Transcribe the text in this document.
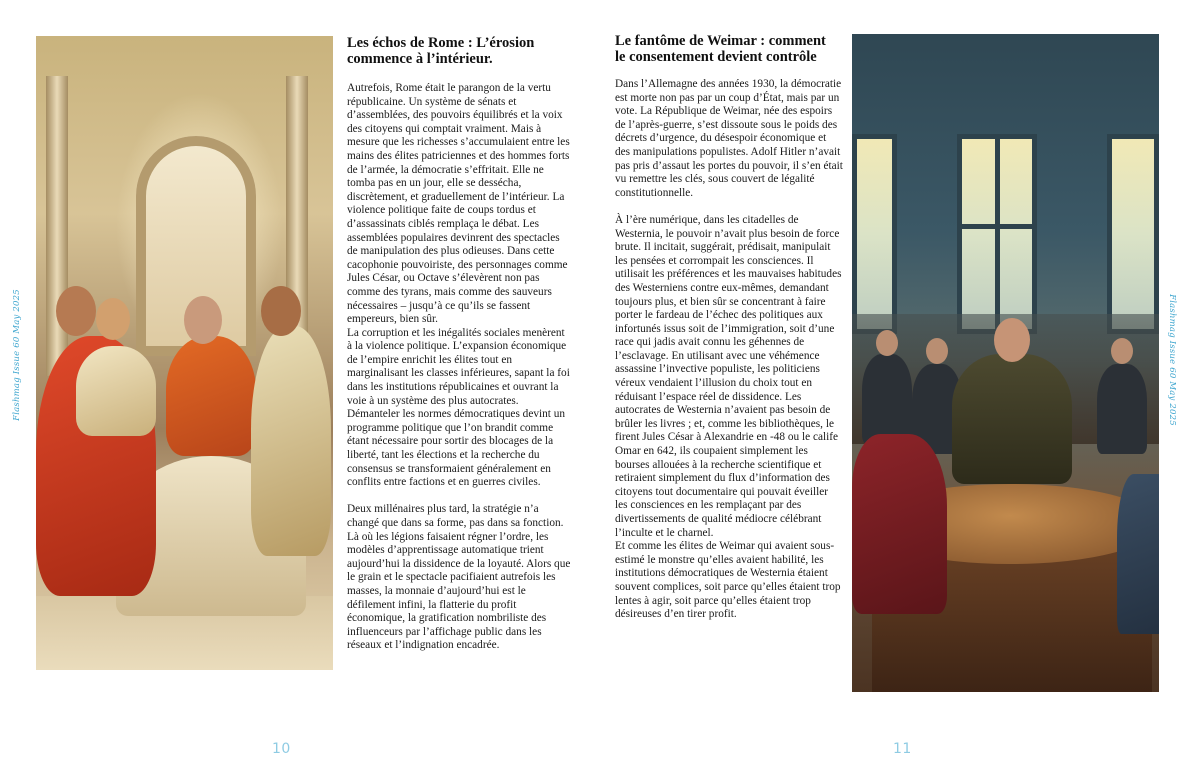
Flashmag Issue 60 May 2025
Les échos de Rome : L’érosion
commence à l’intérieur.

Autrefois, Rome était le parangon de la vertu républicaine. Un système de sénats et d’assemblées, des pouvoirs équilibrés et la voix des citoyens qui comptait vraiment. Mais à mesure que les richesses s’accumulaient entre les mains des élites patriciennes et des hommes forts de l’armée, la démocratie s’effritait. Elle ne tomba pas en un jour, elle se dessécha, discrètement, et graduellement de l’intérieur. La violence politique faite de coups tordus et d’assassinats ciblés remplaça le débat. Les assemblées populaires devinrent des spectacles de manipulation des plus odieuses. Dans cette cacophonie pouvoiriste, des personnages comme Jules César, ou Octave s’élevèrent non pas comme des tyrans, mais comme des sauveurs nécessaires – jusqu’à ce qu’ils se fassent empereurs, bien sûr.

La corruption et les inégalités sociales menèrent à la violence politique. L’expansion économique de l’empire enrichit les élites tout en marginalisant les classes inférieures, sapant la foi dans les institutions républicaines et ouvrant la voie à un système des plus autocrates. Démanteler les normes démocratiques devint un programme politique que l’on brandit comme étant nécessaire pour sortir des blocages de la liberté, tant les élections et la recherche du consensus se transformaient généralement en conflits entre factions et en guerres civiles.

Deux millénaires plus tard, la stratégie n’a changé que dans sa forme, pas dans sa fonction. Là où les légions faisaient régner l’ordre, les modèles d’apprentissage automatique trient aujourd’hui la dissidence de la loyauté. Alors que le grain et le spectacle pacifiaient autrefois les masses, la monnaie d’aujourd’hui est le défilement infini, la flatterie du profit économique, la gratification nombriliste des influenceurs par l’affichage public dans les réseaux et l’indignation encadrée.

10
Le fantôme de Weimar : comment
le consentement devient contrôle

Dans l’Allemagne des années 1930, la démocratie est morte non pas par un coup d’État, mais par un vote. La République de Weimar, née des espoirs de l’après-guerre, s’est dissoute sous le poids des décrets d’urgence, du désespoir économique et des manipulations populistes. Adolf Hitler n’avait pas pris d’assaut les portes du pouvoir, il s’en était vu remettre les clés, sous couvert de légalité constitutionnelle.

À l’ère numérique, dans les citadelles de Westernia, le pouvoir n’avait plus besoin de force brute. Il incitait, suggérait, prédisait, manipulait les pensées et corrompait les consciences. Il utilisait les préférences et les mauvaises habitudes des Westerniens contre eux-mêmes, demandant toujours plus, et bien sûr se concentrant à faire porter le fardeau de l’échec des politiques aux infortunés issus soit de l’immigration, soit d’une race qui jadis avait connu les géhennes de l’esclavage. En utilisant avec une véhémence assassine l’invective populiste, les politiciens véreux vendaient l’illusion du choix tout en réduisant l’espace réel de dissidence. Les autocrates de Westernia n’avaient pas besoin de brûler les livres ; et, comme les bibliothèques, le firent Jules César à Alexandrie en -48 ou le calife Omar en 642, ils coupaient simplement les bourses allouées à la recherche scientifique et retiraient simplement du flux d’information des citoyens tout documentaire qui pouvait éveiller les consciences en les remplaçant par des divertissements de qualité médiocre célébrant l’inculte et le charnel.

Et comme les élites de Weimar qui avaient sous-estimé le monstre qu’elles avaient habilité, les institutions démocratiques de Westernia étaient souvent complices, soit parce qu’elles étaient trop lentes à agir, soit parce qu’elles étaient trop désireuses d’en tirer profit.

Flashmag Issue 60 May 2025
11
